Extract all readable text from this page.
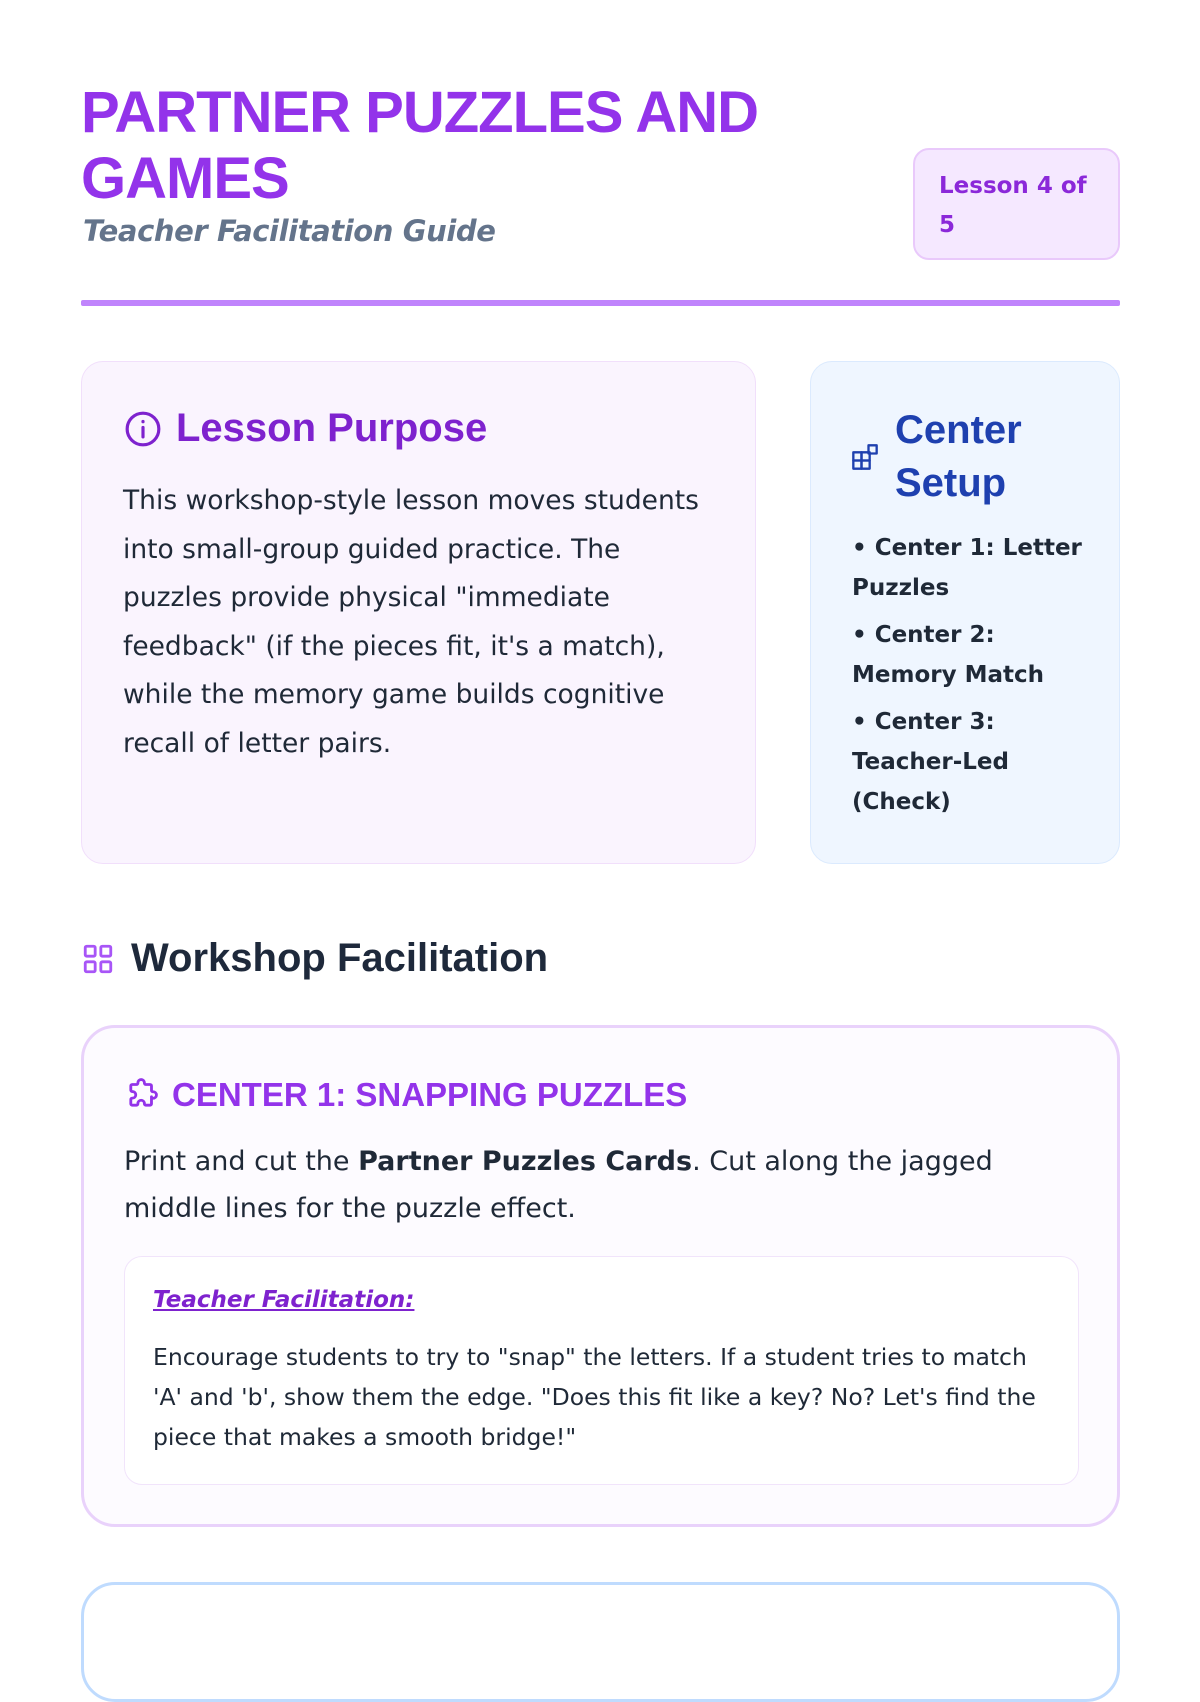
PARTNER PUZZLES AND GAMES
Teacher Facilitation Guide
Lesson 4 of 5
Lesson Purpose

This workshop-style lesson moves students into small-group guided practice. The puzzles provide physical "immediate feedback" (if the pieces fit, it's a match), while the memory game builds cognitive recall of letter pairs.

Center Setup
• Center 1: Letter Puzzles
• Center 2: Memory Match
• Center 3: Teacher-Led (Check)
Workshop Facilitation
CENTER 1: SNAPPING PUZZLES

Print and cut the Partner Puzzles Cards. Cut along the jagged middle lines for the puzzle effect.

Teacher Facilitation:

Encourage students to try to "snap" the letters. If a student tries to match 'A' and 'b', show them the edge. "Does this fit like a key? No? Let's find the piece that makes a smooth bridge!"
